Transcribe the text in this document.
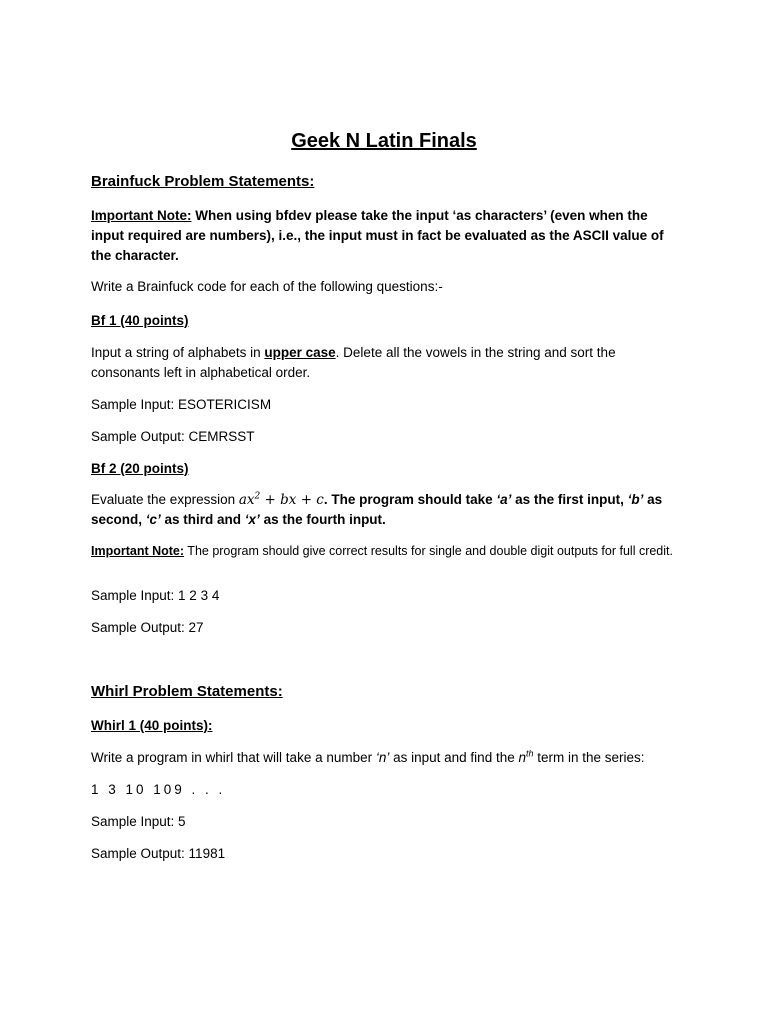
Geek N Latin Finals
Brainfuck Problem Statements:

Important Note: When using bfdev please take the input ‘as characters’ (even when the input required are numbers), i.e., the input must in fact be evaluated as the ASCII value of the character.

Write a Brainfuck code for each of the following questions:-

Bf 1 (40 points)

Input a string of alphabets in upper case. Delete all the vowels in the string and sort the consonants left in alphabetical order.

Sample Input: ESOTERICISM

Sample Output: CEMRSST

Bf 2 (20 points)

Evaluate the expression $ax^2$ + bx + c. The program should take ‘a’ as the first input, ‘b’ as second, ‘c’ as third and ‘x’ as the fourth input.

Important Note: The program should give correct results for single and double digit outputs for full credit.

Sample Input: 1 2 3 4

Sample Output: 27

Whirl Problem Statements:
Whirl 1 (40 points):

Write a program in whirl that will take a number ‘n’ as input and find the $n^{th}$ term in the series:

1 3 10 109 . . .

Sample Input: 5

Sample Output: 11981
